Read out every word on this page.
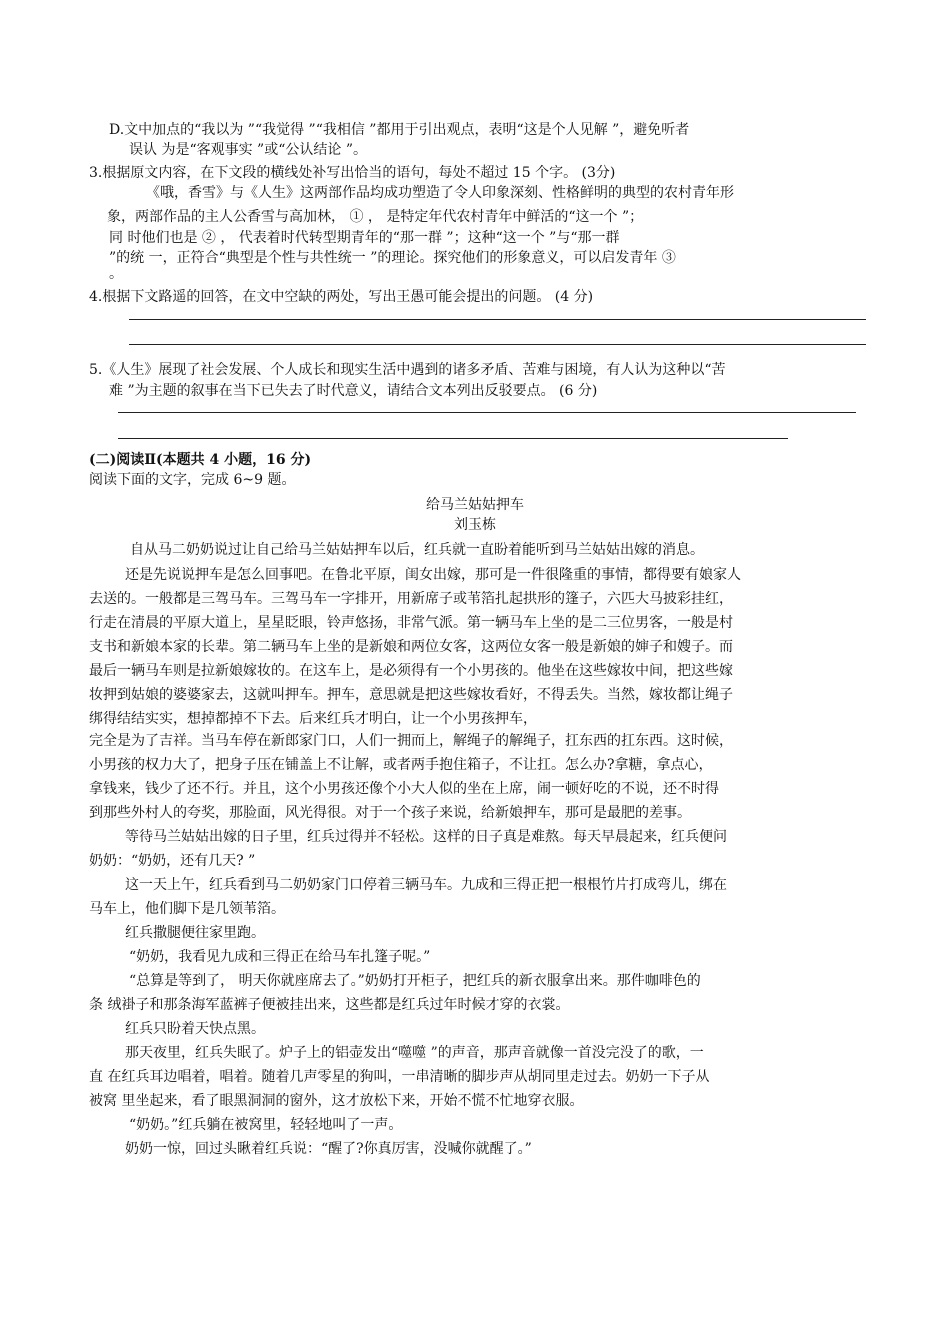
D.文中加点的“我以为 ”“我觉得 ”“我相信 ”都用于引出观点，表明“这是个人见解 ”，避免听者
误认 为是“客观事实 ”或“公认结论 ”。
3.根据原文内容，在下文段的横线处补写出恰当的语句，每处不超过 15 个字。 (3分)
《哦，香雪》与《人生》这两部作品均成功塑造了令人印象深刻、性格鲜明的典型的农村青年形
象，两部作品的主人公香雪与高加林， ① ， 是特定年代农村青年中鲜活的“这一个 ”；
同 时他们也是 ② ， 代表着时代转型期青年的“那一群 ”；这种“这一个 ”与“那一群
”的统 一，正符合“典型是个性与共性统一 ”的理论。探究他们的形象意义，可以启发青年 ③
。
4.根据下文路遥的回答，在文中空缺的两处，写出王愚可能会提出的问题。 (4 分)
5.《人生》展现了社会发展、个人成长和现实生活中遇到的诸多矛盾、苦难与困境，有人认为这种以“苦
难 ”为主题的叙事在当下已失去了时代意义，请结合文本列出反驳要点。 (6 分)
(二)阅读Ⅱ(本题共 4 小题，16 分)
阅读下面的文字，完成 6~9 题。
给马兰姑姑押车
刘玉栋
自从马二奶奶说过让自己给马兰姑姑押车以后，红兵就一直盼着能听到马兰姑姑出嫁的消息。
还是先说说押车是怎么回事吧。在鲁北平原，闺女出嫁，那可是一件很隆重的事情，都得要有娘家人
去送的。一般都是三驾马车。三驾马车一字排开，用新席子或苇箔扎起拱形的篷子，六匹大马披彩挂红，
行走在清晨的平原大道上，星星眨眼，铃声悠扬，非常气派。第一辆马车上坐的是二三位男客，一般是村
支书和新娘本家的长辈。第二辆马车上坐的是新娘和两位女客，这两位女客一般是新娘的婶子和嫂子。而
最后一辆马车则是拉新娘嫁妆的。在这车上，是必须得有一个小男孩的。他坐在这些嫁妆中间，把这些嫁
妆押到姑娘的婆婆家去，这就叫押车。押车，意思就是把这些嫁妆看好，不得丢失。当然，嫁妆都让绳子
绑得结结实实，想掉都掉不下去。后来红兵才明白，让一个小男孩押车，
完全是为了吉祥。当马车停在新郎家门口，人们一拥而上，解绳子的解绳子，扛东西的扛东西。这时候，
小男孩的权力大了，把身子压在铺盖上不让解，或者两手抱住箱子，不让扛。怎么办?拿糖，拿点心，
拿钱来，钱少了还不行。并且，这个小男孩还像个小大人似的坐在上席，闹一顿好吃的不说，还不时得
到那些外村人的夸奖，那脸面，风光得很。对于一个孩子来说，给新娘押车，那可是最肥的差事。
等待马兰姑姑出嫁的日子里，红兵过得并不轻松。这样的日子真是难熬。每天早晨起来，红兵便问
奶奶：“奶奶，还有几天? ”
这一天上午，红兵看到马二奶奶家门口停着三辆马车。九成和三得正把一根根竹片打成弯儿，绑在
马车上，他们脚下是几领苇箔。
红兵撒腿便往家里跑。
“奶奶，我看见九成和三得正在给马车扎篷子呢。”
“总算是等到了， 明天你就座席去了。”奶奶打开柜子，把红兵的新衣服拿出来。那件咖啡色的
条 绒褂子和那条海军蓝裤子便被挂出来，这些都是红兵过年时候才穿的衣裳。
红兵只盼着天快点黑。
那天夜里，红兵失眠了。炉子上的铝壶发出“噬噬 ”的声音，那声音就像一首没完没了的歌，一
直 在红兵耳边唱着，唱着。随着几声零星的狗叫，一串清晰的脚步声从胡同里走过去。奶奶一下子从
被窝 里坐起来，看了眼黑洞洞的窗外，这才放松下来，开始不慌不忙地穿衣服。
“奶奶。”红兵躺在被窝里，轻轻地叫了一声。
奶奶一惊，回过头瞅着红兵说：“醒了?你真厉害，没喊你就醒了。”
